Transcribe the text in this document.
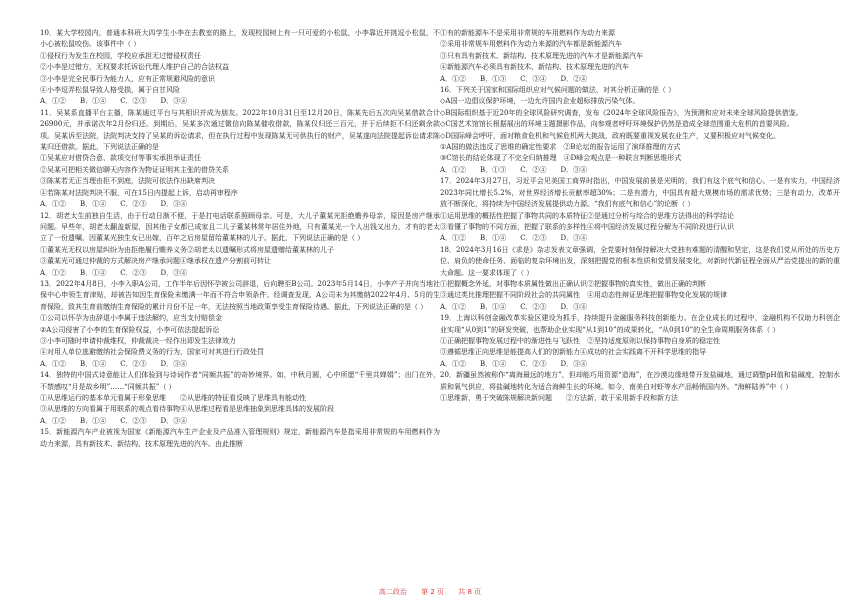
10．某大学校园内，普通本科班大四学生小李在去教室的路上，发现校园树上有一只可爱的小松鼠，小李靠近并挑逗小松鼠，不小心被松鼠咬伤。该事件中（ ）

①侵权行为发生在校园，学校应承担无过错侵权责任

②小李是过错方，无权要求托诉讼代理人维护自己的合法权益

③小李是完全民事行为能力人，应有正常规避风险的意识

④小李逗弄松鼠导致人格受损，属于自甘风险

A．①②　　B．①④　　C．②③　　D．③④

11．吴某系直播平台主播，陈某通过平台与其相识并成为朋友。2022年10月31日至12月20日，陈某先后五次向吴某借款合计26900元，并承诺次年2月份归还。到期后，吴某多次通过微信向陈某催收借款，陈某仅归还三百元，并于后续拒不归还剩余款项。吴某诉至法院，法院判决支持了吴某的诉讼请求，但在执行过程中发现陈某无可供执行的财产，吴某遂向法院提起诉讼请求陈某归还借款。据此，下列说法正确的是

①吴某应对借贷合意、款项交付等事实承担举证责任

②吴某可把相关微信聊天内容作为物证证明其主张的借贷关系

③陈某若无正当理由拒不到庭，法院可依法作出缺席判决

④若陈某对法院判决不服，可在15日内提起上诉，启动再审程序

A．①②　　B．①④　　C．②③　　D．③④

12．胡老太生前独自生活，由于行动日渐不便，于是打电话联系照顾母亲。可是，大儿子董某光拒绝赡养母亲，原因是房产继承问题。早些年，胡老太翻盖新屋，因其他子女都已成家且二儿子董某林常年居住外地，只有董某光一个人出钱又出力，才有的老太立了一份遗嘱，因董某光独生女已出嫁，百年之后房屋留给董某林的儿子。据此，下列说法正确的是（ ）

①董某光无权以房屋纠纷为由拒绝履行赡养义务②胡老太以遗嘱形式将房屋遗赠给董某林的儿子

③董某光可通过仲裁的方式解决房产继承问题④继承权在遗产分割前可转让

A．①②　　B．①④　　C．②③　　D．③④

13．2022年4月8日，小李入职A公司，工作半年后因怀孕被公司辞退，后向聘至B公司。2023年5月14日，小李产子并向当地社保中心申领生育津贴，却被告知因生育保险未缴满一年而不符合申领条件。经调查发现，A公司未为其缴纳2022年4月、5月的生育保险，致其生育前缴纳生育保险的累计月份不足一年，无法按照当地政策享受生育保险待遇。据此，下列说法正确的是（ ）

①公司以怀孕为由辞退小李属于违法解约，应当支付赔偿金

②A公司侵害了小李的生育保险权益，小李可依法提起诉讼

③小李可随时申请仲裁维权，仲裁裁决一经作出即发生法律效力

④对用人单位逃避缴纳社会保险费义务的行为，国家可对其进行行政处罚

A．①②　　B．①④　　C．②③　　D．③④

14．独特的中国式诗意能让人们体验到与诗词作者“同频共振”的奇妙境界。如，中秋月圆，心中所愿“千里共婵娟”；出门在外，不禁感叹“月是故乡明”……“同频共振”（ ）

①从思维运行的基本单元看属于形象思维　　②从思维的特征看反映了思维具有能动性

③从思维的方向看属于用联系的观点看待事物④从思维过程看是思维抽象到思维具体的发展阶段

A．①②　　B．①④　　C．②③　　D．③④

15．新能源汽车产业被视为国家《新能源汽车生产企业及产品准入管理规则》规定，新能源汽车是指采用非常规的车用燃料作为动力来源，具有新技术、新结构、技术原理先进的汽车。由此推断

①有的新能源车不是采用非常规的车用燃料作为动力来源

②采用非常规车用燃料作为动力来源的汽车都是新能源汽车

③只有具有新技术、新结构、技术原理先进的汽车才是新能源汽车

④新能源汽车必须具有新技术、新结构、技术原理先进的汽车

A．①②　　B．①③　　C．③④　　D．②④

16．下列关于国家和国际组织应对气候问题的做法，对其分析正确的是（ ）

◇A国一边倡议保护环境，一边允许国内企业超标排放污染气体。

◇B国际组织基于近20年的全球风险研究调查，发布《2024年全球风险报告》，为预测和应对未来全球风险提供借鉴。

◇C国艺术馆馆长根据展出的环境主题摄影作品，向参观者呼吁环境保护仍然是造成全球范围重大危机的首要风险。

◇D国际峰会呼吁，面对粮食危机和气候危机两大挑战，政府既要重视发展农业生产，又要积极应对气候变化。

①A国的做法违反了思维的确定性要求　②B论坛的报告运用了演绎推理的方式

③C馆长的结论体现了不完全归纳推理　④D峰会观点是一种联言判断思维形式

A．①②　　B．①③　　C．②④　　D．③④

17．2024年3月27日，习近平会见美国工商界时指出，中国发展前景是光明的，我们有这个底气和信心。一是有实力，中国经济2023年同比增长5.2%，对世界经济增长贡献率超30%；二是有潜力，中国具有超大规模市场的需求优势；三是有动力，改革开放不断深化，将持续为中国经济发展提供动力源。“我们有底气和信心”的论断（ ）

①运用思维的概括性把握了事物共同的本质特征②是通过分析与综合的思维方法得出的科学结论

③看懂了事物的不同方面，把握了联系的多样性④将中国经济发展过程分解为不同阶段进行认识

A．①②　　B．①④　　C．②③　　D．③④

18．2024年3月16日《求是》杂志发表文章强调，全党要时刻保持解决大党独有难题的清醒和坚定，这是我们党从所处的历史方位、肩负的使命任务、面临的复杂环境出发，深刻把握党的根本性质和党情发展变化，对新时代新征程全面从严治党提出的新的重大命题。这一要求体现了（ ）

①把握概念外延，对事物本质属性做出正确认识②把握事物的真实性，做出正确的判断

③通过类比推理把握不同阶段社会的共同属性　④用动态性辩证思维把握事物变化发展的规律

A．①②　　B．①④　　C．②③　　D．③④

19．上海以科创金融改革实验区建设为抓手，持续提升金融服务科技创新能力。在企业成长的过程中，金融机构不仅助力科创企业实现“从0到1”的研发突破，也帮助企业实现“从1到10”的成果转化，“从0到10”的全生命周期服务体系（ ）

①正确把握事物发展过程中的渐进性与飞跃性　②坚持适度原则以保持事物自身质的稳定性

③遵循思维正向思维是能提高人们的创新能力④成功的社会实践离不开科学思维的指导

A．①②　　B．①④　　C．②③　　D．③④

20．新疆虽然被称作“离海最远的地方”，但却能巧用资源“造海”，在沙漠边缘地带开发盐碱地，通过调整pH值和盐碱度，控制水质和氧气供应，将盐碱地转化为适合海鲜生长的环境。如今，南美白对虾等水产品畅销国内外。“海鲜陆养”中（ ）

①思维新，勇于突破陈规解决新问题　　②方法新，敢于采用新手段和新方法

高二政治 第 2 页 共 8 页
